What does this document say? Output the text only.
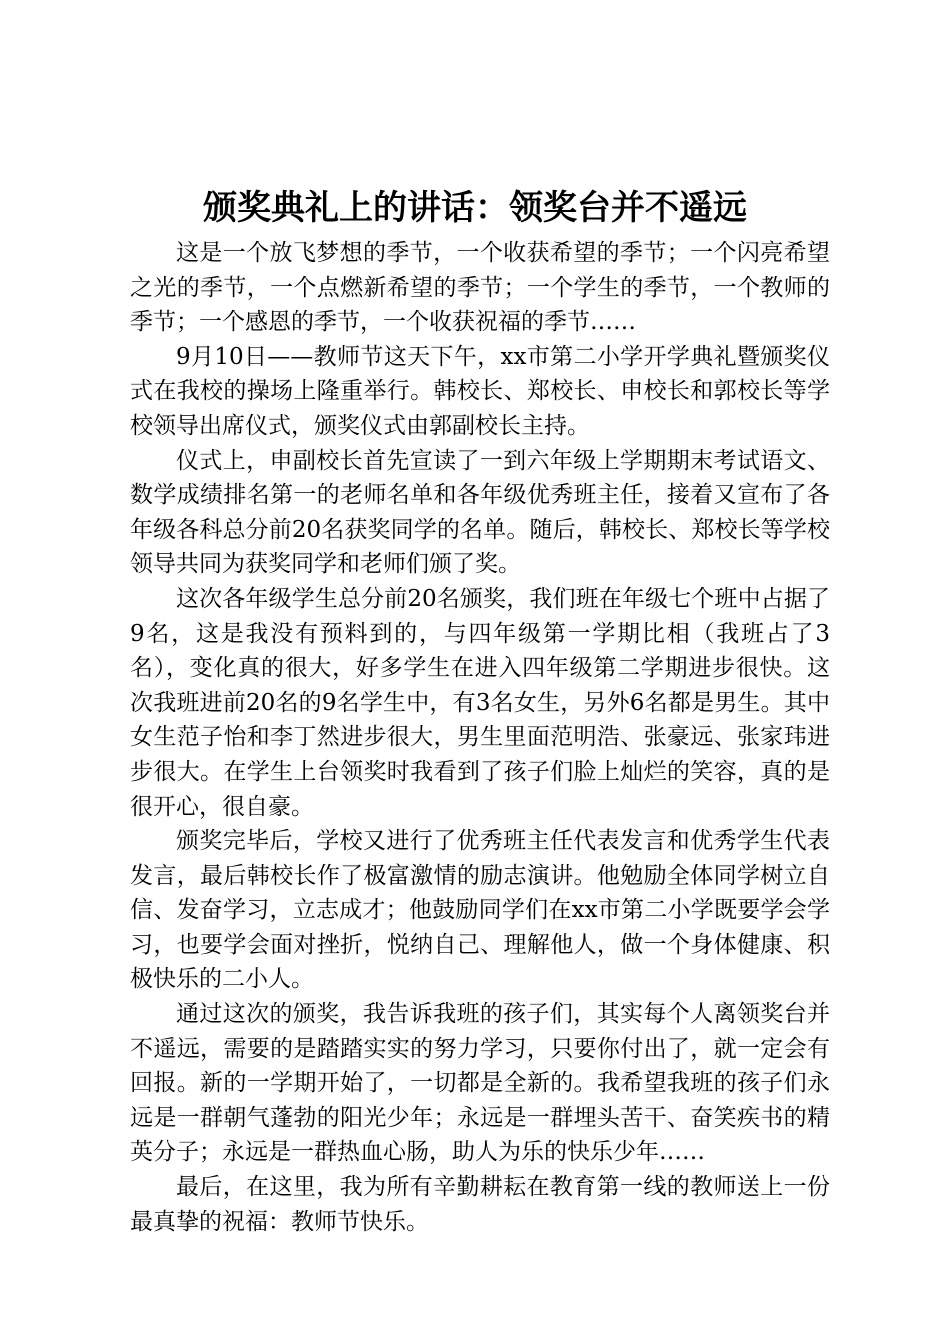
颁奖典礼上的讲话：领奖台并不遥远

这是一个放飞梦想的季节，一个收获希望的季节；一个闪亮希望之光的季节，一个点燃新希望的季节；一个学生的季节，一个教师的季节；一个感恩的季节，一个收获祝福的季节……

9月10日——教师节这天下午，xx市第二小学开学典礼暨颁奖仪式在我校的操场上隆重举行。韩校长、郑校长、申校长和郭校长等学校领导出席仪式，颁奖仪式由郭副校长主持。

仪式上，申副校长首先宣读了一到六年级上学期期末考试语文、数学成绩排名第一的老师名单和各年级优秀班主任，接着又宣布了各年级各科总分前20名获奖同学的名单。随后，韩校长、郑校长等学校领导共同为获奖同学和老师们颁了奖。

这次各年级学生总分前20名颁奖，我们班在年级七个班中占据了9名，这是我没有预料到的，与四年级第一学期比相（我班占了3名），变化真的很大，好多学生在进入四年级第二学期进步很快。这次我班进前20名的9名学生中，有3名女生，另外6名都是男生。其中女生范子怡和李丁然进步很大，男生里面范明浩、张豪远、张家玮进步很大。在学生上台领奖时我看到了孩子们脸上灿烂的笑容，真的是很开心，很自豪。

颁奖完毕后，学校又进行了优秀班主任代表发言和优秀学生代表发言，最后韩校长作了极富激情的励志演讲。他勉励全体同学树立自信、发奋学习，立志成才；他鼓励同学们在xx市第二小学既要学会学习，也要学会面对挫折，悦纳自己、理解他人，做一个身体健康、积极快乐的二小人。

通过这次的颁奖，我告诉我班的孩子们，其实每个人离领奖台并不遥远，需要的是踏踏实实的努力学习，只要你付出了，就一定会有回报。新的一学期开始了，一切都是全新的。我希望我班的孩子们永远是一群朝气蓬勃的阳光少年；永远是一群埋头苦干、奋笑疾书的精英分子；永远是一群热血心肠，助人为乐的快乐少年……

最后，在这里，我为所有辛勤耕耘在教育第一线的教师送上一份最真挚的祝福：教师节快乐。
